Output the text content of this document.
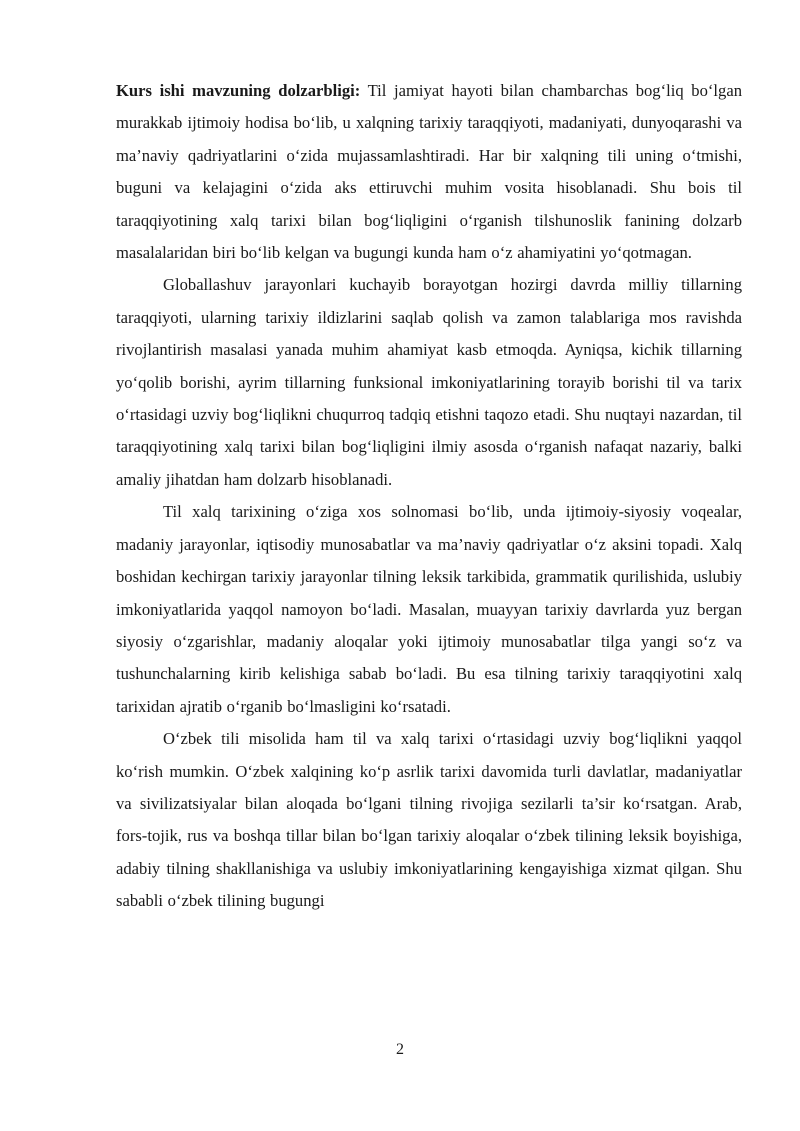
Kurs ishi mavzuning dolzarbligi: Til jamiyat hayoti bilan chambarchas bog‘liq bo‘lgan murakkab ijtimoiy hodisa bo‘lib, u xalqning tarixiy taraqqiyoti, madaniyati, dunyoqarashi va ma’naviy qadriyatlarini o‘zida mujassamlashtiradi. Har bir xalqning tili uning o‘tmishi, buguni va kelajagini o‘zida aks ettiruvchi muhim vosita hisoblanadi. Shu bois til taraqqiyotining xalq tarixi bilan bog‘liqligini o‘rganish tilshunoslik fanining dolzarb masalalaridan biri bo‘lib kelgan va bugungi kunda ham o‘z ahamiyatini yo‘qotmagan.

Globallashuv jarayonlari kuchayib borayotgan hozirgi davrda milliy tillarning taraqqiyoti, ularning tarixiy ildizlarini saqlab qolish va zamon talablariga mos ravishda rivojlantirish masalasi yanada muhim ahamiyat kasb etmoqda. Ayniqsa, kichik tillarning yo‘qolib borishi, ayrim tillarning funksional imkoniyatlarining torayib borishi til va tarix o‘rtasidagi uzviy bog‘liqlikni chuqurroq tadqiq etishni taqozo etadi. Shu nuqtayi nazardan, til taraqqiyotining xalq tarixi bilan bog‘liqligini ilmiy asosda o‘rganish nafaqat nazariy, balki amaliy jihatdan ham dolzarb hisoblanadi.

Til xalq tarixining o‘ziga xos solnomasi bo‘lib, unda ijtimoiy-siyosiy voqealar, madaniy jarayonlar, iqtisodiy munosabatlar va ma’naviy qadriyatlar o‘z aksini topadi. Xalq boshidan kechirgan tarixiy jarayonlar tilning leksik tarkibida, grammatik qurilishida, uslubiy imkoniyatlarida yaqqol namoyon bo‘ladi. Masalan, muayyan tarixiy davrlarda yuz bergan siyosiy o‘zgarishlar, madaniy aloqalar yoki ijtimoiy munosabatlar tilga yangi so‘z va tushunchalarning kirib kelishiga sabab bo‘ladi. Bu esa tilning tarixiy taraqqiyotini xalq tarixidan ajratib o‘rganib bo‘lmasligini ko‘rsatadi.

O‘zbek tili misolida ham til va xalq tarixi o‘rtasidagi uzviy bog‘liqlikni yaqqol ko‘rish mumkin. O‘zbek xalqining ko‘p asrlik tarixi davomida turli davlatlar, madaniyatlar va sivilizatsiyalar bilan aloqada bo‘lgani tilning rivojiga sezilarli ta’sir ko‘rsatgan. Arab, fors-tojik, rus va boshqa tillar bilan bo‘lgan tarixiy aloqalar o‘zbek tilining leksik boyishiga, adabiy tilning shakllanishiga va uslubiy imkoniyatlarining kengayishiga xizmat qilgan. Shu sababli o‘zbek tilining bugungi

2
